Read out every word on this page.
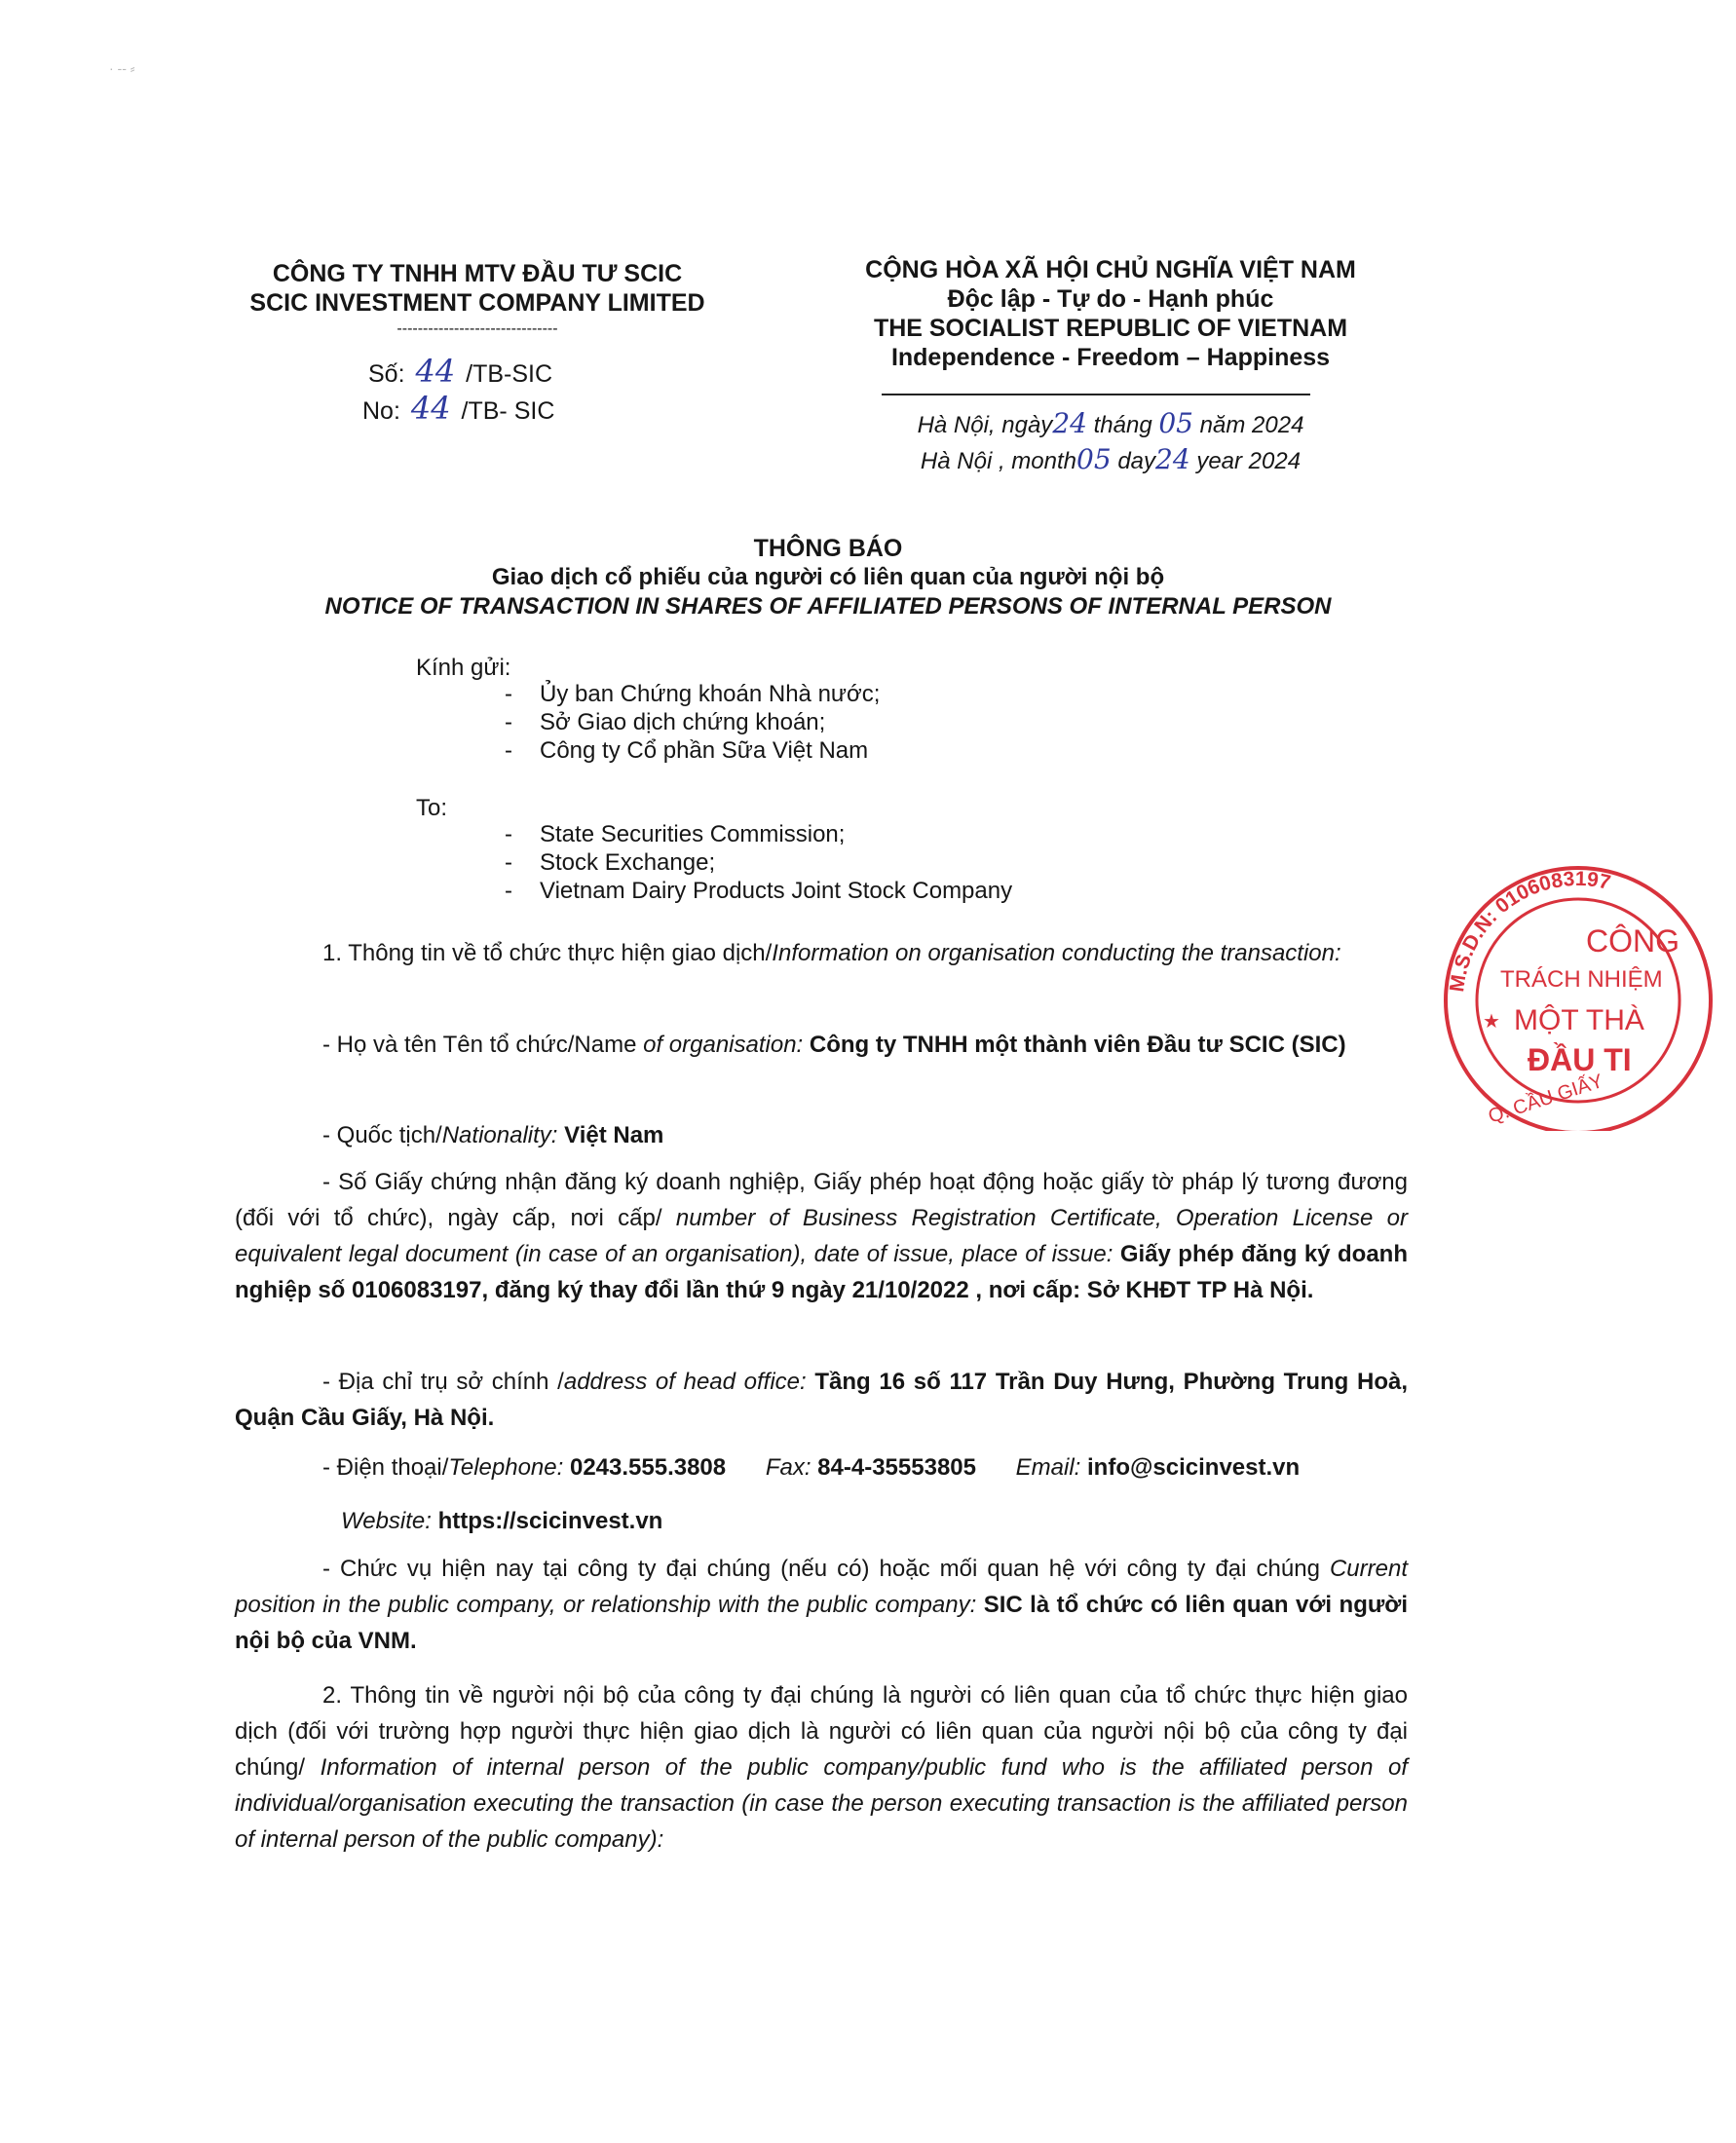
· ‑‑ ⸗
CÔNG TY TNHH MTV ĐẦU TƯ SCIC
SCIC INVESTMENT COMPANY LIMITED
-------------------------------
Số: 44 /TB-SIC
No: 44 /TB- SIC
CỘNG HÒA XÃ HỘI CHỦ NGHĨA VIỆT NAM
Độc lập - Tự do - Hạnh phúc
THE SOCIALIST REPUBLIC OF VIETNAM
Independence - Freedom – Happiness
Hà Nội, ngày24 tháng 05 năm 2024
Hà Nội , month05 day24 year 2024
THÔNG BÁO
Giao dịch cổ phiếu của người có liên quan của người nội bộ
NOTICE OF TRANSACTION IN SHARES OF AFFILIATED PERSONS OF INTERNAL PERSON
Kính gửi:
- Ủy ban Chứng khoán Nhà nước;
- Sở Giao dịch chứng khoán;
- Công ty Cổ phần Sữa Việt Nam
To:
- State Securities Commission;
- Stock Exchange;
- Vietnam Dairy Products Joint Stock Company
1. Thông tin về tổ chức thực hiện giao dịch/Information on organisation conducting the transaction:
- Họ và tên Tên tổ chức/Name of organisation: Công ty TNHH một thành viên Đầu tư SCIC (SIC)
- Quốc tịch/Nationality: Việt Nam
- Số Giấy chứng nhận đăng ký doanh nghiệp, Giấy phép hoạt động hoặc giấy tờ pháp lý tương đương (đối với tổ chức), ngày cấp, nơi cấp/ number of Business Registration Certificate, Operation License or equivalent legal document (in case of an organisation), date of issue, place of issue: Giấy phép đăng ký doanh nghiệp số 0106083197, đăng ký thay đổi lần thứ 9 ngày 21/10/2022 , nơi cấp: Sở KHĐT TP Hà Nội.
- Địa chỉ trụ sở chính /address of head office: Tầng 16 số 117 Trần Duy Hưng, Phường Trung Hoà, Quận Cầu Giấy, Hà Nội.
- Điện thoại/Telephone: 0243.555.3808 Fax: 84-4-35553805 Email: info@scicinvest.vn
Website: https://scicinvest.vn
- Chức vụ hiện nay tại công ty đại chúng (nếu có) hoặc mối quan hệ với công ty đại chúng Current position in the public company, or relationship with the public company: SIC là tổ chức có liên quan với người nội bộ của VNM.
2. Thông tin về người nội bộ của công ty đại chúng là người có liên quan của tổ chức thực hiện giao dịch (đối với trường hợp người thực hiện giao dịch là người có liên quan của người nội bộ của công ty đại chúng/ Information of internal person of the public company/public fund who is the affiliated person of individual/organisation executing the transaction (in case the person executing transaction is the affiliated person of internal person of the public company):
M.S.D.N: 0106083197
CÔNG
TRÁCH NHIỆM
★ MỘT THÀ
ĐẦU TI
Q. CẦU GIẤY
